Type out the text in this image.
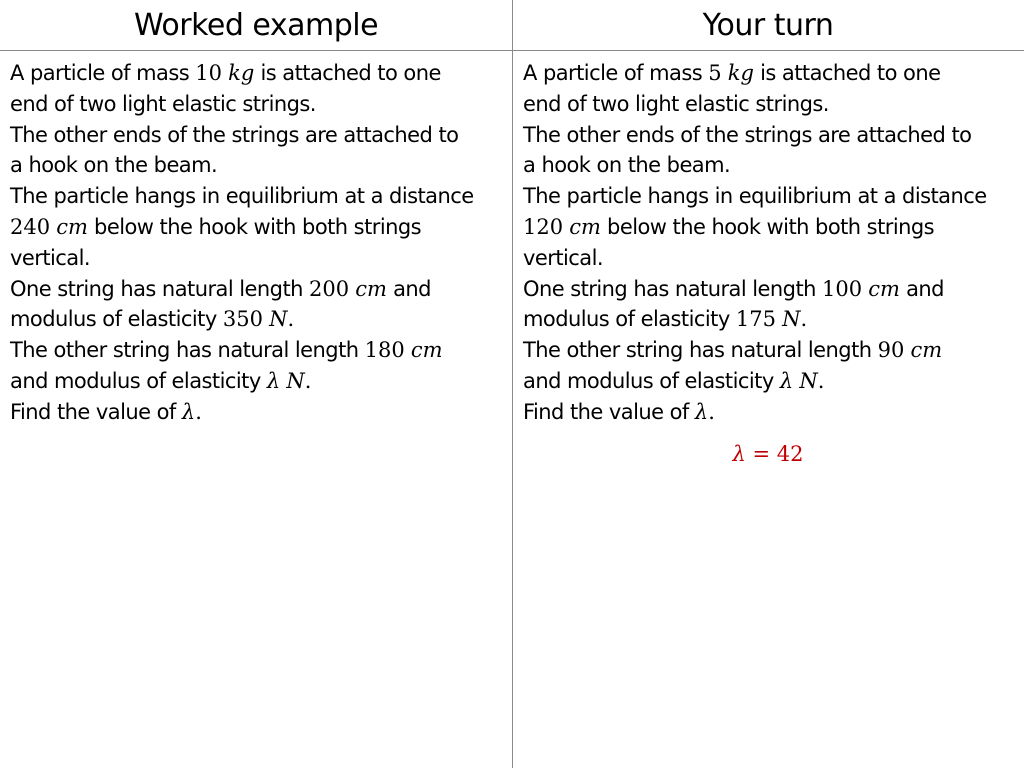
Worked example	Your turn
A particle of mass 10 kg is attached to one
end of two light elastic strings.
The other ends of the strings are attached to
a hook on the beam.
The particle hangs in equilibrium at a distance
240 cm below the hook with both strings
vertical.
One string has natural length 200 cm and
modulus of elasticity 350 N.
The other string has natural length 180 cm
and modulus of elasticity λ N.
Find the value of λ.
A particle of mass 5 kg is attached to one
end of two light elastic strings.
The other ends of the strings are attached to
a hook on the beam.
The particle hangs in equilibrium at a distance
120 cm below the hook with both strings
vertical.
One string has natural length 100 cm and
modulus of elasticity 175 N.
The other string has natural length 90 cm
and modulus of elasticity λ N.
Find the value of λ.
λ = 42
